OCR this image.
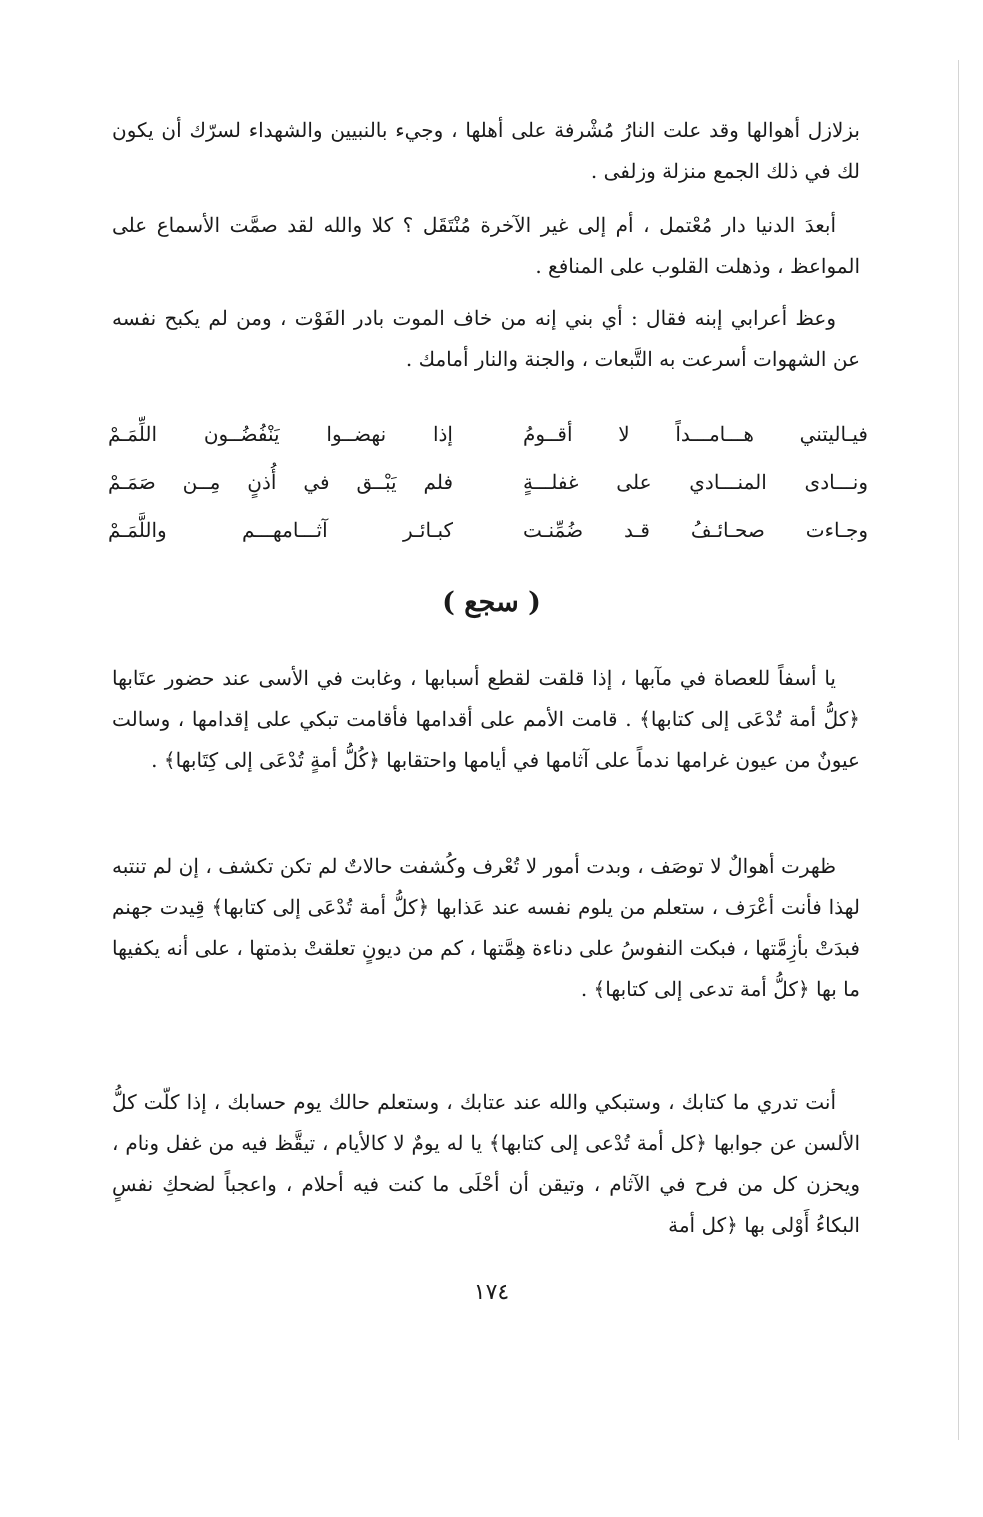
بزلازل أهوالها وقد علت النارُ مُشْرفة على أهلها ، وجيء بالنبيين والشهداء لسرّك أن يكون لك في ذلك الجمع منزلة وزلفى .
أبعدَ الدنيا دار مُعْتمل ، أم إلى غير الآخرة مُنْتَقَل ؟ كلا والله لقد صمَّت الأسماع على المواعظ ، وذهلت القلوب على المنافع .
وعظ أعرابي إبنه فقال : أي بني إنه من خاف الموت بادر الفَوْت ، ومن لم يكبح نفسه عن الشهوات أسرعت به التَّبعات ، والجنة والنار أمامك .
فيـاليتني هـــامـــداً لا أقــومُ
إذا نهضــوا يَنْفُضُــون اللِّمَـمْ
ونـــادى المنـــادي على غفلـــةٍ
فلم يَبْــق في أُذنٍ مِــن صَمَـمْ
وجـاءت صحـائـفُ قـد ضُمِّنـت
كبـائـر آثـــامهـــم واللَّمَـمْ
( سجع )
يا أسفاً للعصاة في مآبها ، إذا قلقت لقطع أسبابها ، وغابت في الأسى عند حضور عتَابها ﴿كلُّ أمة تُدْعَى إلى كتابها﴾ . قامت الأمم على أقدامها فأقامت تبكي على إقدامها ، وسالت عيونٌ من عيون غرامها ندماً على آثامها في أيامها واحتقابها ﴿كُلُّ أمةٍ تُدْعَى إلى كِتَابها﴾ .
ظهرت أهوالٌ لا توصَف ، وبدت أمور لا تُعْرف وكُشفت حالاتٌ لم تكن تكشف ، إن لم تنتبه لهذا فأنت أعْرَف ، ستعلم من يلوم نفسه عند عَذابها ﴿كلُّ أمة تُدْعَى إلى كتابها﴾ قِيدت جهنم فبدَتْ بأزِمَّتها ، فبكت النفوسُ على دناءة هِمَّتها ، كم من ديونٍ تعلقتْ بذمتها ، على أنه يكفيها ما بها ﴿كلُّ أمة تدعى إلى كتابها﴾ .
أنت تدري ما كتابك ، وستبكي والله عند عتابك ، وستعلم حالك يوم حسابك ، إذا كلّت كلُّ الألسن عن جوابها ﴿كل أمة تُدْعى إلى كتابها﴾ يا له يومٌ لا كالأيام ، تيقَّظ فيه من غفل ونام ، ويحزن كل من فرح في الآثام ، وتيقن أن أحْلَى ما كنت فيه أحلام ، واعجباً لضحكِ نفسٍ البكاءُ أَوْلى بها ﴿كل أمة
١٧٤
